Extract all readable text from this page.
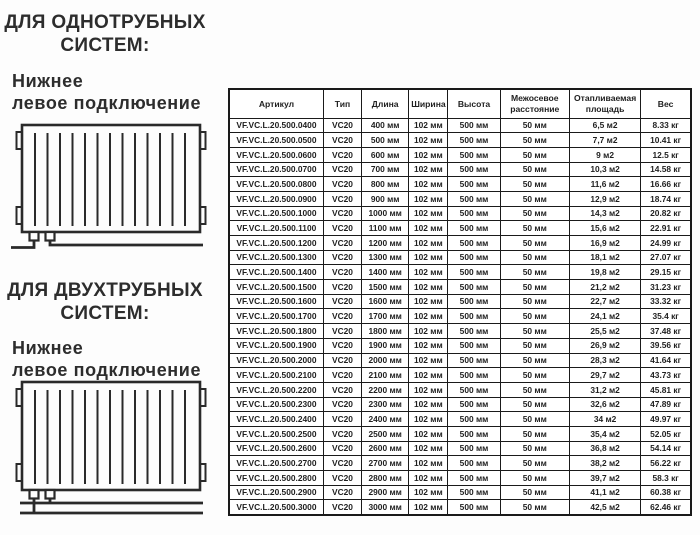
ДЛЯ ОДНОТРУБНЫХ
СИСТЕМ:
Нижнее
левое подключение
ДЛЯ ДВУХТРУБНЫХ
СИСТЕМ:
Нижнее
левое подключение
Артикул	Тип	Длина	Ширина	Высота	Межосевое расстояние	Отапливаемая площадь	Вес
VF.VC.L.20.500.0400	VC20	400 мм	102 мм	500 мм	50 мм	6,5 м2	8.33 кг
VF.VC.L.20.500.0500	VC20	500 мм	102 мм	500 мм	50 мм	7,7 м2	10.41 кг
VF.VC.L.20.500.0600	VC20	600 мм	102 мм	500 мм	50 мм	9 м2	12.5 кг
VF.VC.L.20.500.0700	VC20	700 мм	102 мм	500 мм	50 мм	10,3 м2	14.58 кг
VF.VC.L.20.500.0800	VC20	800 мм	102 мм	500 мм	50 мм	11,6 м2	16.66 кг
VF.VC.L.20.500.0900	VC20	900 мм	102 мм	500 мм	50 мм	12,9 м2	18.74 кг
VF.VC.L.20.500.1000	VC20	1000 мм	102 мм	500 мм	50 мм	14,3 м2	20.82 кг
VF.VC.L.20.500.1100	VC20	1100 мм	102 мм	500 мм	50 мм	15,6 м2	22.91 кг
VF.VC.L.20.500.1200	VC20	1200 мм	102 мм	500 мм	50 мм	16,9 м2	24.99 кг
VF.VC.L.20.500.1300	VC20	1300 мм	102 мм	500 мм	50 мм	18,1 м2	27.07 кг
VF.VC.L.20.500.1400	VC20	1400 мм	102 мм	500 мм	50 мм	19,8 м2	29.15 кг
VF.VC.L.20.500.1500	VC20	1500 мм	102 мм	500 мм	50 мм	21,2 м2	31.23 кг
VF.VC.L.20.500.1600	VC20	1600 мм	102 мм	500 мм	50 мм	22,7 м2	33.32 кг
VF.VC.L.20.500.1700	VC20	1700 мм	102 мм	500 мм	50 мм	24,1 м2	35.4 кг
VF.VC.L.20.500.1800	VC20	1800 мм	102 мм	500 мм	50 мм	25,5 м2	37.48 кг
VF.VC.L.20.500.1900	VC20	1900 мм	102 мм	500 мм	50 мм	26,9 м2	39.56 кг
VF.VC.L.20.500.2000	VC20	2000 мм	102 мм	500 мм	50 мм	28,3 м2	41.64 кг
VF.VC.L.20.500.2100	VC20	2100 мм	102 мм	500 мм	50 мм	29,7 м2	43.73 кг
VF.VC.L.20.500.2200	VC20	2200 мм	102 мм	500 мм	50 мм	31,2 м2	45.81 кг
VF.VC.L.20.500.2300	VC20	2300 мм	102 мм	500 мм	50 мм	32,6 м2	47.89 кг
VF.VC.L.20.500.2400	VC20	2400 мм	102 мм	500 мм	50 мм	34 м2	49.97 кг
VF.VC.L.20.500.2500	VC20	2500 мм	102 мм	500 мм	50 мм	35,4 м2	52.05 кг
VF.VC.L.20.500.2600	VC20	2600 мм	102 мм	500 мм	50 мм	36,8 м2	54.14 кг
VF.VC.L.20.500.2700	VC20	2700 мм	102 мм	500 мм	50 мм	38,2 м2	56.22 кг
VF.VC.L.20.500.2800	VC20	2800 мм	102 мм	500 мм	50 мм	39,7 м2	58.3 кг
VF.VC.L.20.500.2900	VC20	2900 мм	102 мм	500 мм	50 мм	41,1 м2	60.38 кг
VF.VC.L.20.500.3000	VC20	3000 мм	102 мм	500 мм	50 мм	42,5 м2	62.46 кг
